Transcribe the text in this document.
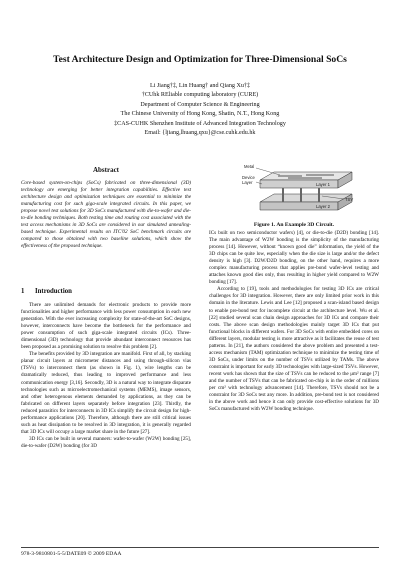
Test Architecture Design and Optimization for Three-Dimensional SoCs
Li Jiang†‡, Lin Huang† and Qiang Xu†‡
†CUhk REliable computing laboratory (CURE)
Department of Computer Science & Engineering
The Chinese University of Hong Kong, Shatin, N.T., Hong Kong
‡CAS-CUHK Shenzhen Institute of Advanced Integration Technology
Email: {ljiang,lhuang,qxu}@cse.cuhk.edu.hk
Abstract
Core-based system-on-chips (SoCs) fabricated on three-dimensional (3D) technology are emerging for better integration capabilities. Effective test architecture design and optimization techniques are essential to minimize the manufacturing cost for such giga-scale integrated circuits. In this paper, we propose novel test solutions for 3D SoCs manufactured with die-to-wafer and die-to-die bonding techniques. Both testing time and routing cost associated with the test access mechanisms in 3D SoCs are considered in our simulated annealing-based technique. Experimental results on ITC'02 SoC benchmark circuits are compared to those obtained with two baseline solutions, which show the effectiveness of the proposed technique.
1 Introduction

There are unlimited demands for electronic products to provide more functionalities and higher performance with less power consumption in each new generation. With the ever increasing complexity for state-of-the-art SoC designs, however, interconnects have become the bottleneck for the performance and power consumption of such giga-scale integrated circuits (ICs). Three-dimensional (3D) technology that provide abundant interconnect resources has been proposed as a promising solution to resolve this problem [2].

The benefits provided by 3D integration are manifold. First of all, by stacking planar circuit layers at micrometer distances and using through-silicon vias (TSVs) to interconnect them (as shown in Fig. 1), wire lengths can be dramatically reduced, thus leading to improved performance and less communication energy [3,16]. Secondly, 3D is a natural way to integrate disparate technologies such as microelectromechanical systems (MEMS), image sensors, and other heterogenous elements demanded by applications, as they can be fabricated on different layers separately before integration [23]. Thirdly, the reduced parasitics for interconnects in 3D ICs simplify the circuit design for high-performance applications [20]. Therefore, although there are still critical issues such as heat dissipation to be resolved in 3D integration, it is generally regarded that 3D ICs will occupy a large market share in the future [27].

3D ICs can be built in several manners: wafer-to-wafer (W2W) bonding [25], die-to-wafer (D2W) bonding (for 3D

Metal
Device
Layer	Layer 1
Layer 2
TSV
Figure 1. An Example 3D Circuit.

ICs built on two semiconductor wafers) [4], or die-to-die (D2D) bonding [14]. The main advantage of W2W bonding is the simplicity of the manufacturing process [14]. However, without “known good die” information, the yield of the 3D chips can be quite low, especially when the die size is large and/or the defect density is high [3]. D2W/D2D bonding, on the other hand, requires a more complex manufacturing process that applies pre-bond wafer-level testing and attaches known good dies only, thus resulting in higher yield compared to W2W bonding [17].

According to [19], tools and methodologies for testing 3D ICs are critical challenges for 3D integration. However, there are only limited prior work in this domain in the literature. Lewis and Lee [12] proposed a scan-island based design to enable pre-bond test for incomplete circuit at the architecture level. Wu et al. [22] studied several scan chain design approaches for 3D ICs and compare their costs. The above scan design methodologies mainly target 3D ICs that put functional blocks in different wafers. For 3D SoCs with entire embedded cores on different layers, modular testing is more attractive as it facilitates the reuse of test patterns. In [21], the authors considered the above problem and presented a test-access mechanism (TAM) optimization technique to minimize the testing time of 3D SoCs, under limits on the number of TSVs utilized by TAMs. The above constraint is important for early 3D technologies with large-sized TSVs. However, recent work has shown that the size of TSVs can be reduced to the μm² range [7] and the number of TSVs that can be fabricated on-chip is in the order of millions per cm² with technology advancement [14]. Therefore, TSVs should not be a constraint for 3D SoCs test any more. In addition, pre-bond test is not considered in the above work and hence it can only provide cost-effective solutions for 3D SoCs manufactured with W2W bonding technique.

978-3-9810801-5-5/DATE09 © 2009 EDAA
